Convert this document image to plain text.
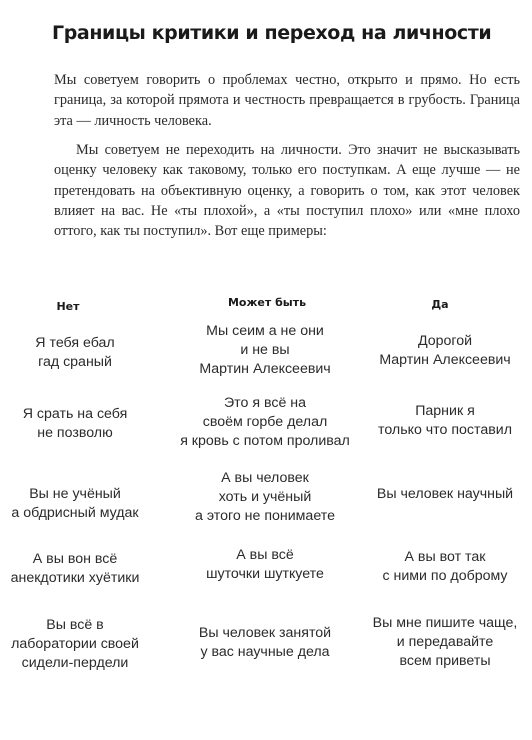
Границы критики и переход на личности

Мы советуем говорить о проблемах честно, открыто и прямо. Но есть граница, за которой прямота и честность превращается в грубость. Граница эта — личность человека.

Мы советуем не переходить на личности. Это значит не высказывать оценку человеку как таковому, только его поступкам. А еще лучше — не претендовать на объективную оценку, а говорить о том, как этот человек влияет на вас. Не «ты плохой», а «ты поступил плохо» или «мне плохо оттого, как ты поступил». Вот еще примеры:

Нет	Может быть	Да
Я тебя ебал
гад сраный
Мы сеим а не они
и не вы
Мартин Алексеевич
Дорогой
Мартин Алексеевич
Я срать на себя
не позволю
Это я всё на
своём горбе делал
я кровь с потом проливал
Парник я
только что поставил
Вы не учёный
а обдрисный мудак
А вы человек
хоть и учёный
а этого не понимаете
Вы человек научный
А вы вон всё
анекдотики хуётики
А вы всё
шуточки шуткуете
А вы вот так
с ними по доброму
Вы всё в
лаборатории своей
сидели-пердели
Вы человек занятой
у вас научные дела
Вы мне пишите чаще,
и передавайте
всем приветы
